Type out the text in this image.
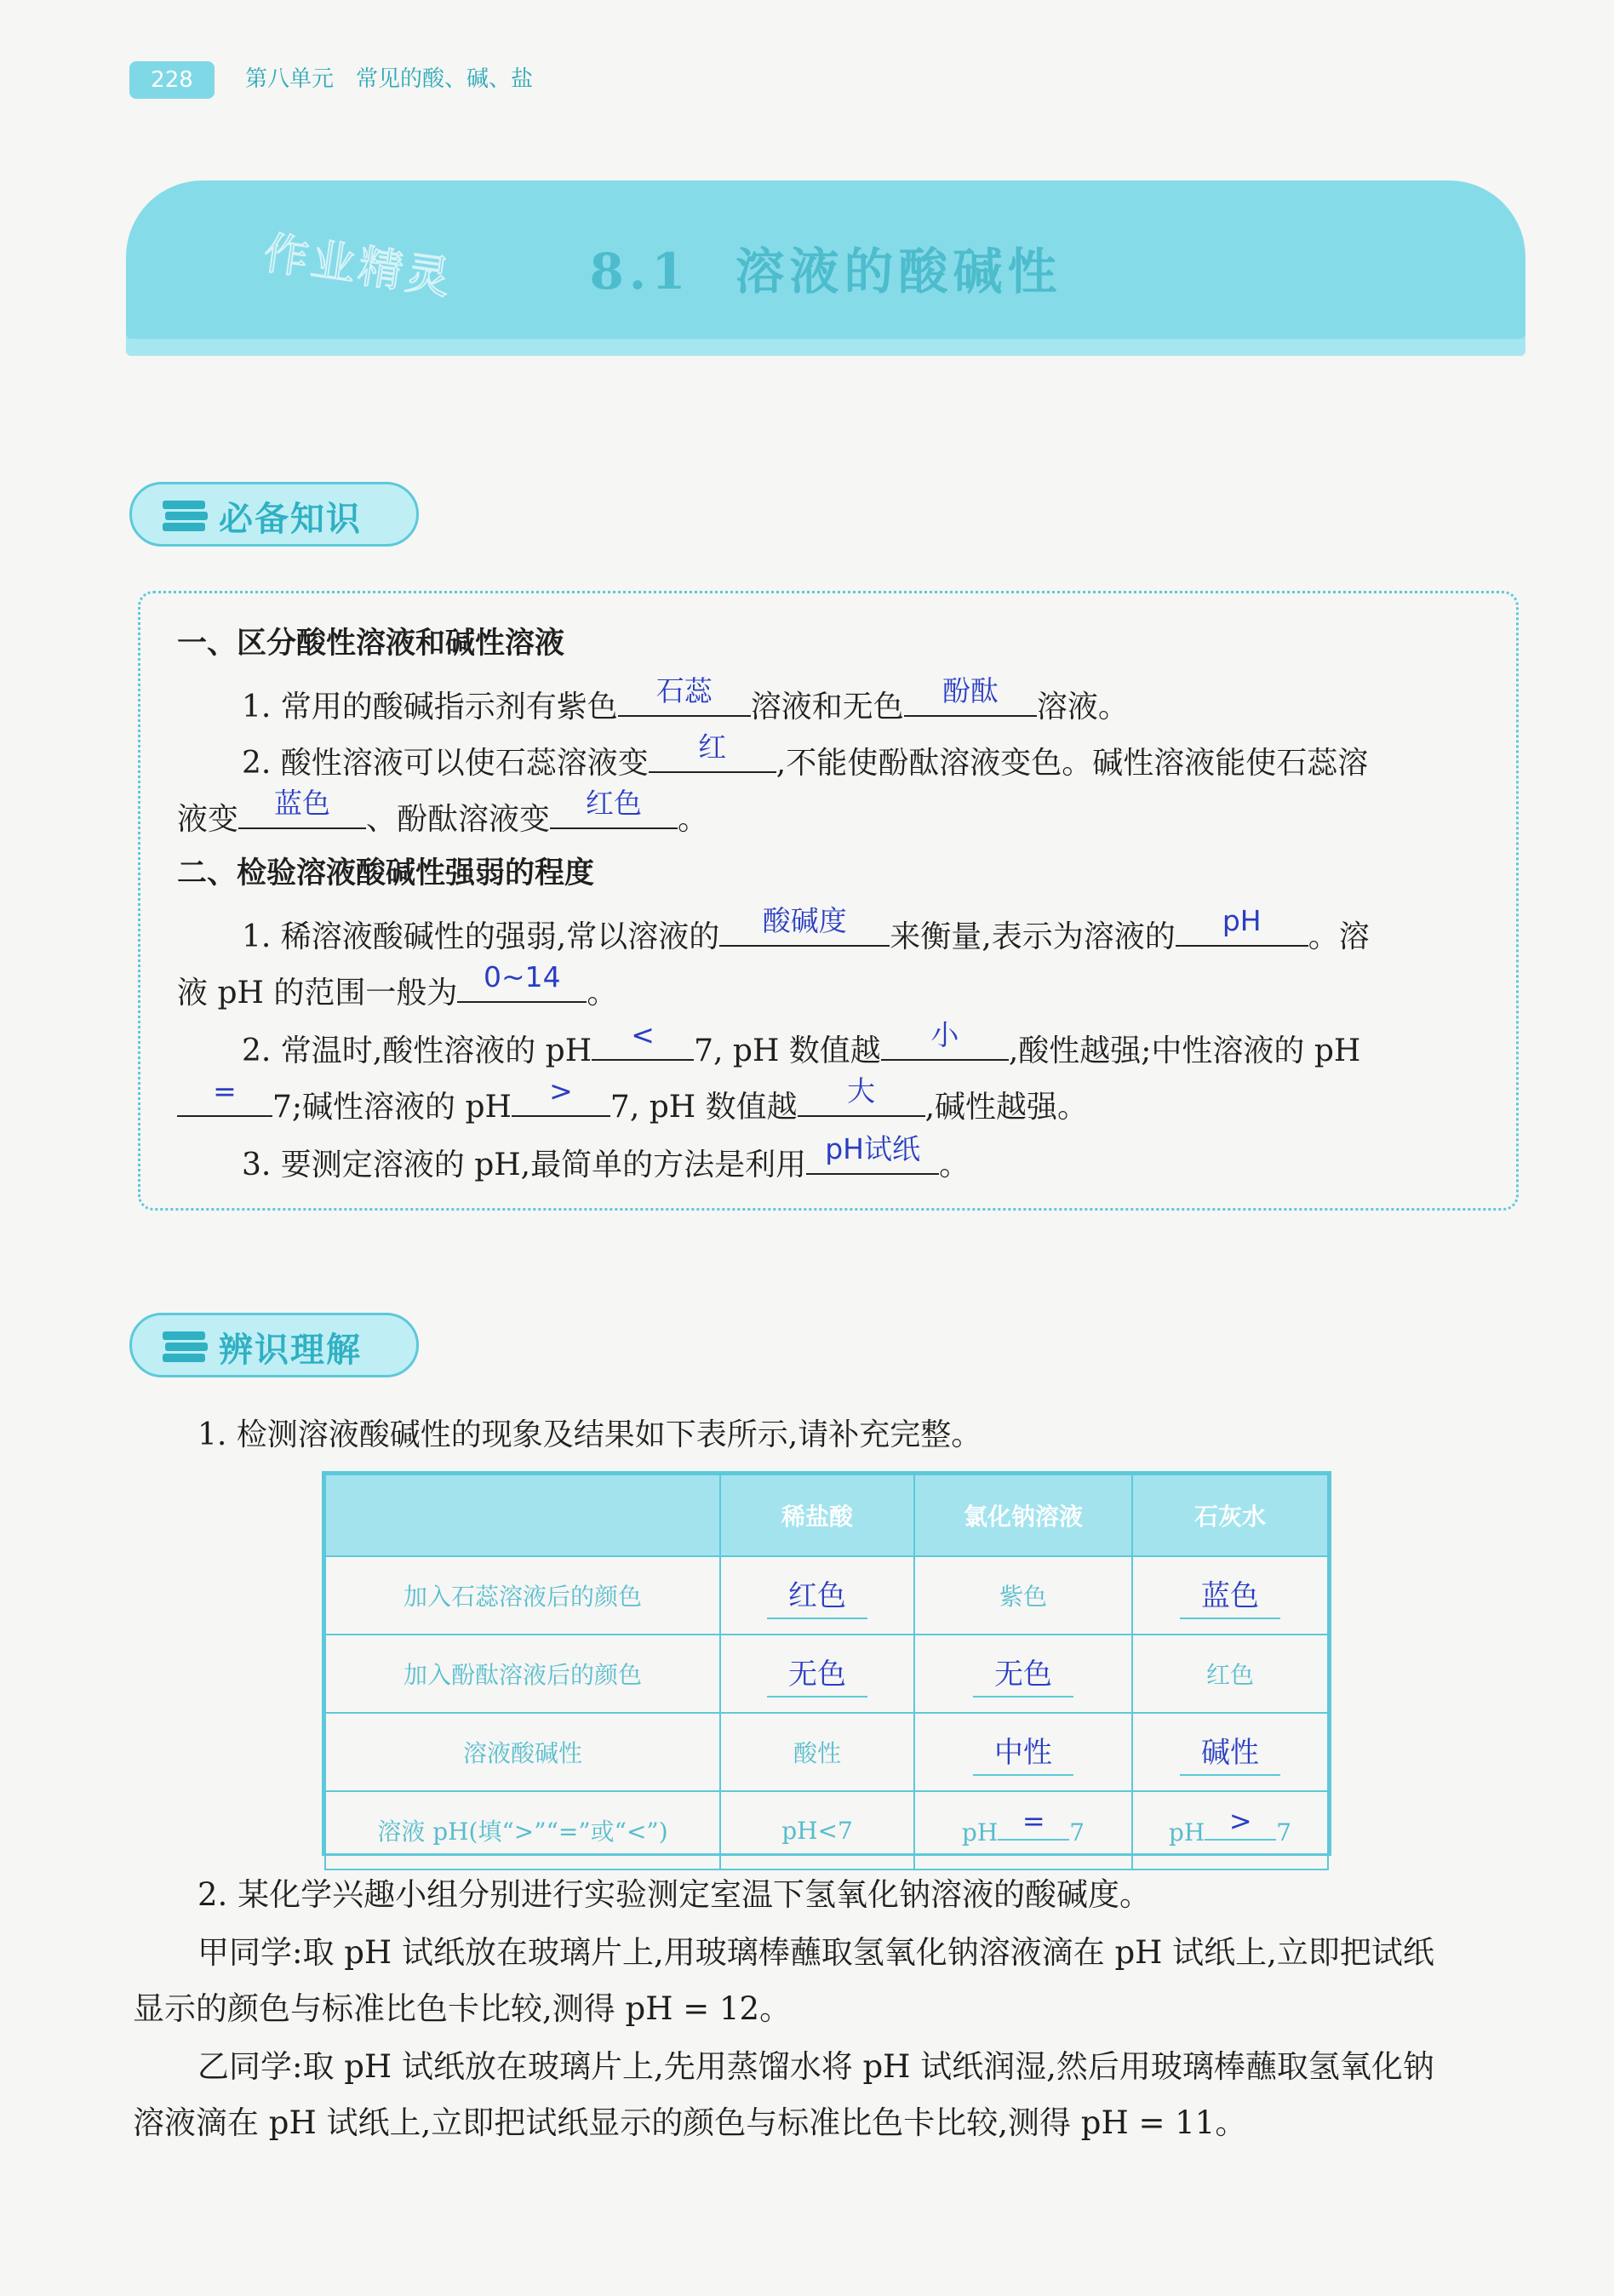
228	第八单元　常见的酸、碱、盐
8.1 溶液的酸碱性
作业精灵
必备知识
一、区分酸性溶液和碱性溶液
1. 常用的酸碱指示剂有紫色	石蕊	溶液和无色	酚酞	溶液。
2. 酸性溶液可以使石蕊溶液变	红	,不能使酚酞溶液变色。碱性溶液能使石蕊溶
液变	蓝色	、酚酞溶液变	红色	。
二、检验溶液酸碱性强弱的程度
1. 稀溶液酸碱性的强弱,常以溶液的	酸碱度	来衡量,表示为溶液的	pH	。溶
液 pH 的范围一般为 0~14 。
2. 常温时,酸性溶液的 pH	<	7, pH 数值越	小	,酸性越强;中性溶液的 pH
=	7;碱性溶液的 pH	>	7, pH 数值越	大	,碱性越强。
3. 要测定溶液的 pH,最简单的方法是利用 pH试纸 。
辨识理解
1. 检测溶液酸碱性的现象及结果如下表所示,请补充完整。
	稀盐酸	氯化钠溶液	石灰水
加入石蕊溶液后的颜色	红色	紫色	蓝色
加入酚酞溶液后的颜色	无色	无色	红色
溶液酸碱性	酸性	中性	碱性
溶液 pH(填“>”“=”或“<”)	pH<7	pH = 7	pH > 7
2. 某化学兴趣小组分别进行实验测定室温下氢氧化钠溶液的酸碱度。
甲同学:取 pH 试纸放在玻璃片上,用玻璃棒蘸取氢氧化钠溶液滴在 pH 试纸上,立即把试纸
显示的颜色与标准比色卡比较,测得 pH = 12。
乙同学:取 pH 试纸放在玻璃片上,先用蒸馏水将 pH 试纸润湿,然后用玻璃棒蘸取氢氧化钠
溶液滴在 pH 试纸上,立即把试纸显示的颜色与标准比色卡比较,测得 pH = 11。
